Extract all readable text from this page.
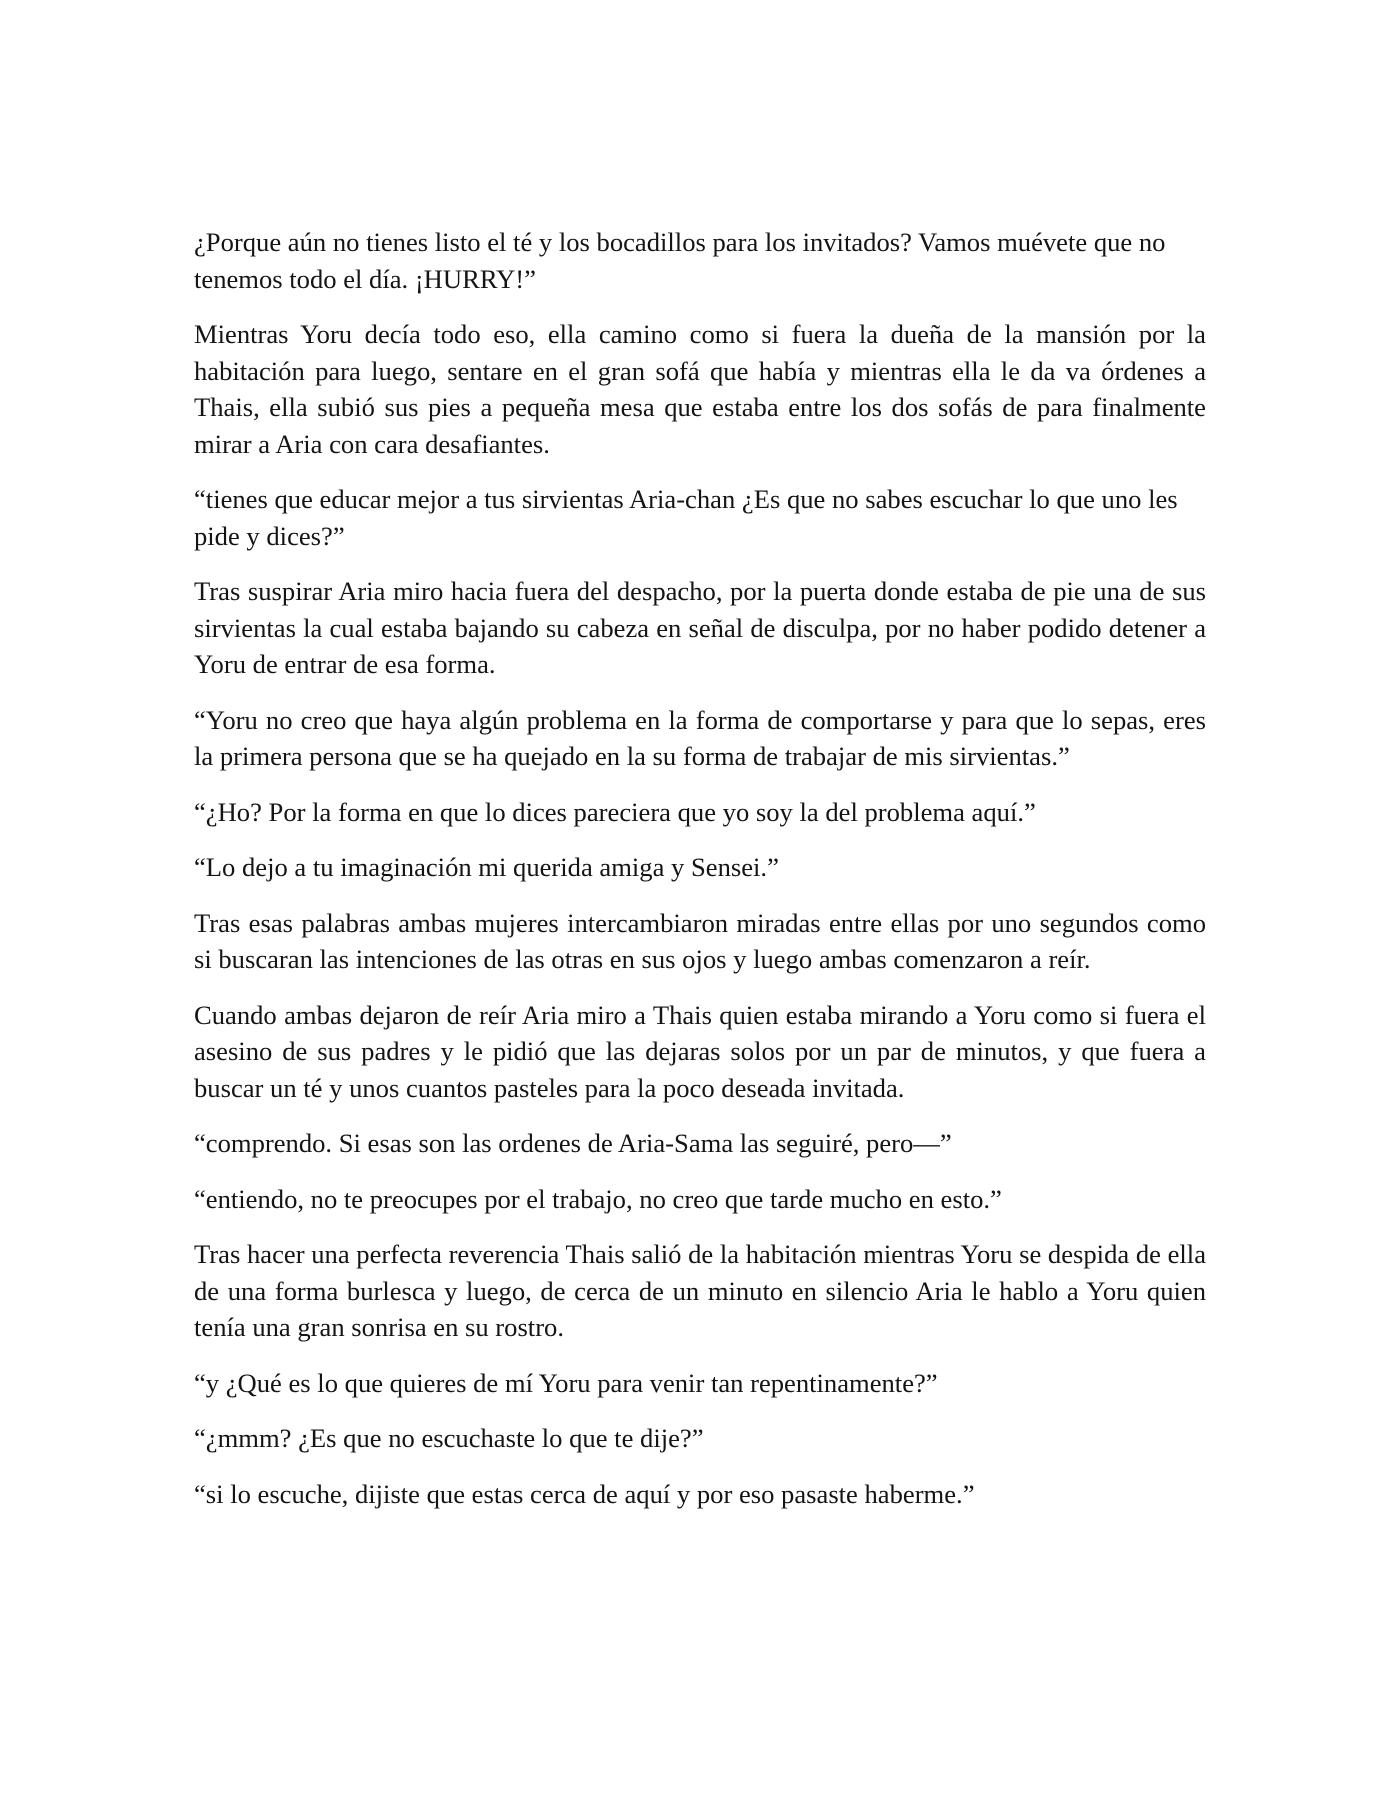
¿Porque aún no tienes listo el té y los bocadillos para los invitados? Vamos muévete que no tenemos todo el día. ¡HURRY!”

Mientras Yoru decía todo eso, ella camino como si fuera la dueña de la mansión por la habitación para luego, sentare en el gran sofá que había y mientras ella le da va órdenes a Thais, ella subió sus pies a pequeña mesa que estaba entre los dos sofás de para finalmente mirar a Aria con cara desafiantes.

“tienes que educar mejor a tus sirvientas Aria-chan ¿Es que no sabes escuchar lo que uno les pide y dices?”

Tras suspirar Aria miro hacia fuera del despacho, por la puerta donde estaba de pie una de sus sirvientas la cual estaba bajando su cabeza en señal de disculpa, por no haber podido detener a Yoru de entrar de esa forma.

“Yoru no creo que haya algún problema en la forma de comportarse y para que lo sepas, eres la primera persona que se ha quejado en la su forma de trabajar de mis sirvientas.”

“¿Ho? Por la forma en que lo dices pareciera que yo soy la del problema aquí.”

“Lo dejo a tu imaginación mi querida amiga y Sensei.”

Tras esas palabras ambas mujeres intercambiaron miradas entre ellas por uno segundos como si buscaran las intenciones de las otras en sus ojos y luego ambas comenzaron a reír.

Cuando ambas dejaron de reír Aria miro a Thais quien estaba mirando a Yoru como si fuera el asesino de sus padres y le pidió que las dejaras solos por un par de minutos, y que fuera a buscar un té y unos cuantos pasteles para la poco deseada invitada.

“comprendo. Si esas son las ordenes de Aria-Sama las seguiré, pero—”

“entiendo, no te preocupes por el trabajo, no creo que tarde mucho en esto.”

Tras hacer una perfecta reverencia Thais salió de la habitación mientras Yoru se despida de ella de una forma burlesca y luego, de cerca de un minuto en silencio Aria le hablo a Yoru quien tenía una gran sonrisa en su rostro.

“y ¿Qué es lo que quieres de mí Yoru para venir tan repentinamente?”

“¿mmm? ¿Es que no escuchaste lo que te dije?”

“si lo escuche, dijiste que estas cerca de aquí y por eso pasaste haberme.”
